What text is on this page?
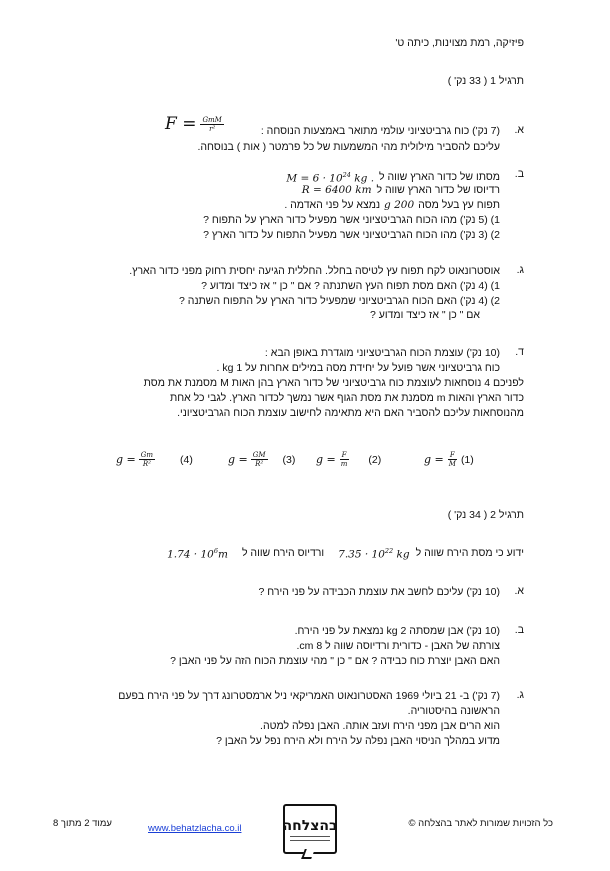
פיזיקה, רמת מצוינות, כיתה ט'
תרגיל 1 ( 33 נק' )
א.
(7 נק') כוח גרביטציוני עולמי מתואר באמצעות הנוסחה :
$F = \frac{\text{GmM}}{\text{r²}}$
עליכם להסביר מילולית מהי המשמעות של כל פרמטר ( אות ) בנוסחה.
ב.
מסתו של כדור הארץ שווה ל
$M = 6 \cdot 10^{24}$ kg .
רדיוסו של כדור הארץ שווה ל
R = 6400 km
תפוח עץ בעל מסה
g 200
נמצא על פני האדמה .
1) (5 נק') מהו הכוח הגרביטציוני אשר מפעיל כדור הארץ על התפוח ?
2) (3 נק') מהו הכוח הגרביטציוני אשר מפעיל התפוח על כדור הארץ ?
ג.
אוסטרונאוט לקח תפוח עץ לטיסה בחלל. החללית הגיעה יחסית רחוק מפני כדור הארץ.
1) (4 נק') האם מסת תפוח העץ השתנתה ? אם " כן " אז כיצד ומדוע ?
2) (4 נק') האם הכוח הגרביטציוני שמפעיל כדור הארץ על התפוח השתנה ?
אם " כן " אז כיצד ומדוע ?
ד.
(10 נק') עוצמת הכוח הגרביטציוני מוגדרת באופן הבא :
כוח גרביטציוני אשר פועל על יחידת מסה במילים אחרות על 1 kg .
לפניכם 4 נוסחאות לעוצמת כוח גרביטציוני של כדור הארץ בהן האות M מסמנת את מסת
כדור הארץ והאות m מסמנת את מסת הגוף אשר נמשך לכדור הארץ. לגבי כל אחת
מהנוסחאות עליכם להסביר האם היא מתאימה לחישוב עוצמת הכוח הגרביטציוני.
$g = \frac{F}{M} (1)$
$g = \frac{F}{m} (2)$
$g = \frac{GM}{\text{R²}} (3)$
$g = \frac{Gm}{\text{R²}} (4)$
תרגיל 2 ( 34 נק' )
ידוע כי מסת הירח שווה ל
$7.35 \cdot 10^{22}$ kg
ורדיוס הירח שווה ל
$1.74 \cdot 10^6m$
א.
(10 נק') עליכם לחשב את עוצמת הכבידה על פני הירח ?
ב.
(10 נק') אבן שמסתה 2 kg נמצאת על פני הירח.
צורתה של האבן - כדורית ורדיוסה שווה ל 8 cm.
האם האבן יוצרת כוח כבידה ? אם " כן " מהי עוצמת הכוח הזה על פני האבן ?
ג.
(7 נק') ב- 21 ביולי 1969 האסטרונאוט האמריקאי ניל ארמסטרונג דרך על פני הירח בפעם
הראשונה בהיסטוריה.
הוא הרים אבן מפני הירח ועזב אותה. האבן נפלה למטה.
מדוע במהלך הניסוי האבן נפלה על הירח ולא הירח נפל על האבן ?
כל הזכויות שמורות לאתר בהצלחה ©
בהצלחה
www.behatzlacha.co.il
עמוד 2 מתוך 8
